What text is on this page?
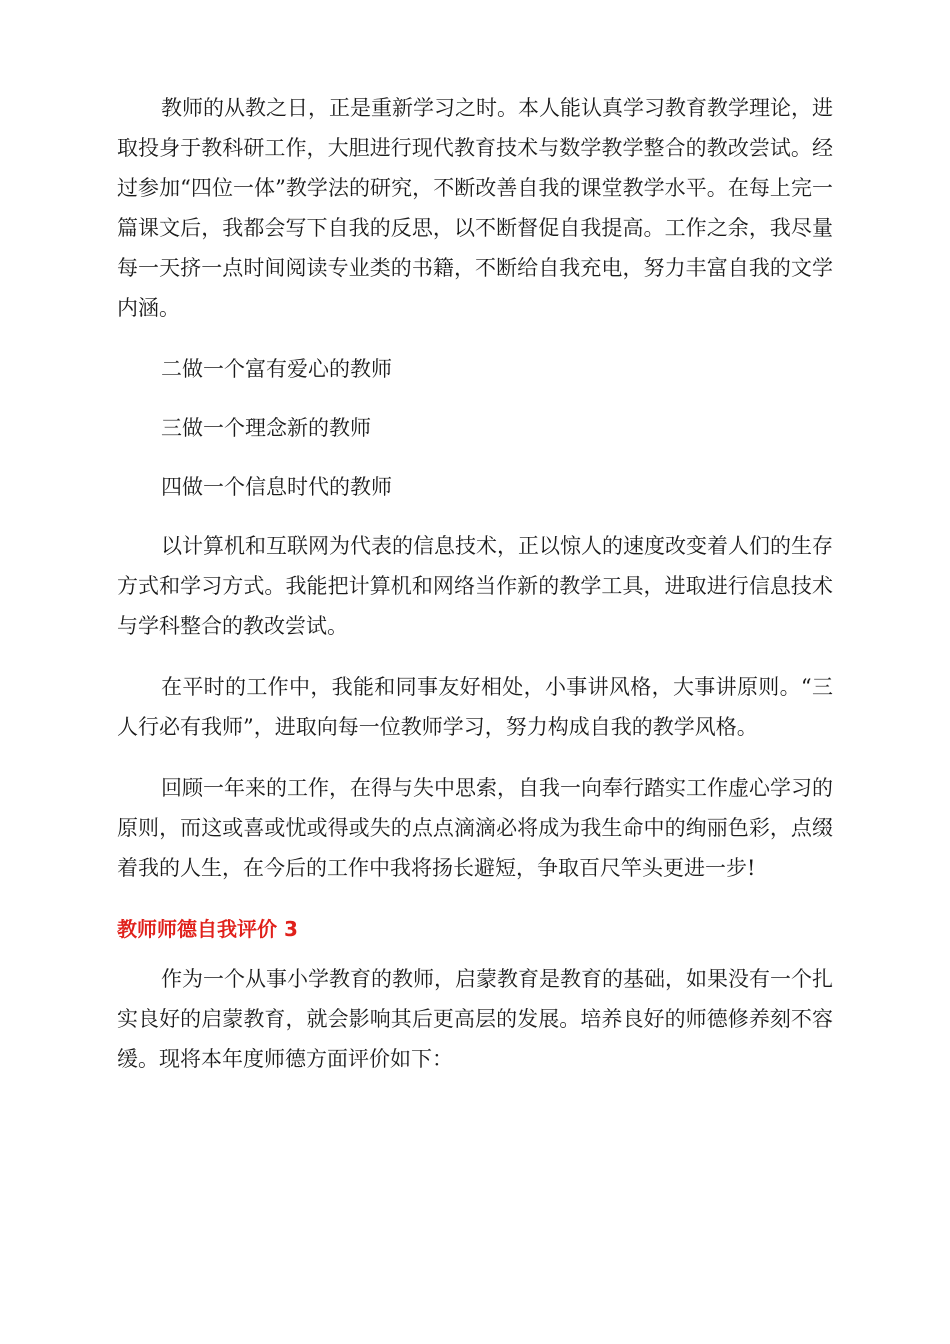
教师的从教之日，正是重新学习之时。本人能认真学习教育教学理论，进取投身于教科研工作，大胆进行现代教育技术与数学教学整合的教改尝试。经过参加“四位一体”教学法的研究，不断改善自我的课堂教学水平。在每上完一篇课文后，我都会写下自我的反思，以不断督促自我提高。工作之余，我尽量每一天挤一点时间阅读专业类的书籍，不断给自我充电，努力丰富自我的文学内涵。

二做一个富有爱心的教师

三做一个理念新的教师

四做一个信息时代的教师

以计算机和互联网为代表的信息技术，正以惊人的速度改变着人们的生存方式和学习方式。我能把计算机和网络当作新的教学工具，进取进行信息技术与学科整合的教改尝试。

在平时的工作中，我能和同事友好相处，小事讲风格，大事讲原则。“三人行必有我师”，进取向每一位教师学习，努力构成自我的教学风格。

回顾一年来的工作，在得与失中思索，自我一向奉行踏实工作虚心学习的原则，而这或喜或忧或得或失的点点滴滴必将成为我生命中的绚丽色彩，点缀着我的人生，在今后的工作中我将扬长避短，争取百尺竿头更进一步!

教师师德自我评价 3

作为一个从事小学教育的教师，启蒙教育是教育的基础，如果没有一个扎实良好的启蒙教育，就会影响其后更高层的发展。培养良好的师德修养刻不容缓。现将本年度师德方面评价如下：
